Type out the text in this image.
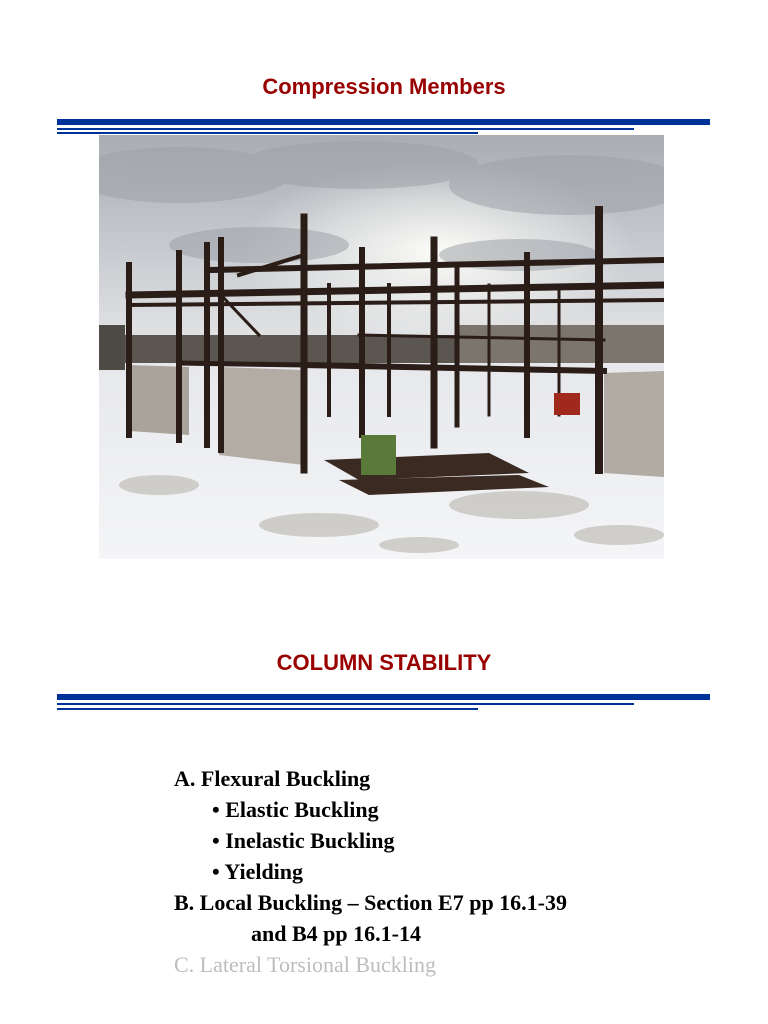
Compression Members
COLUMN STABILITY
A. Flexural Buckling
• Elastic Buckling
• Inelastic Buckling
• Yielding
B. Local Buckling – Section E7 pp 16.1-39
and B4 pp 16.1-14
C. Lateral Torsional Buckling
